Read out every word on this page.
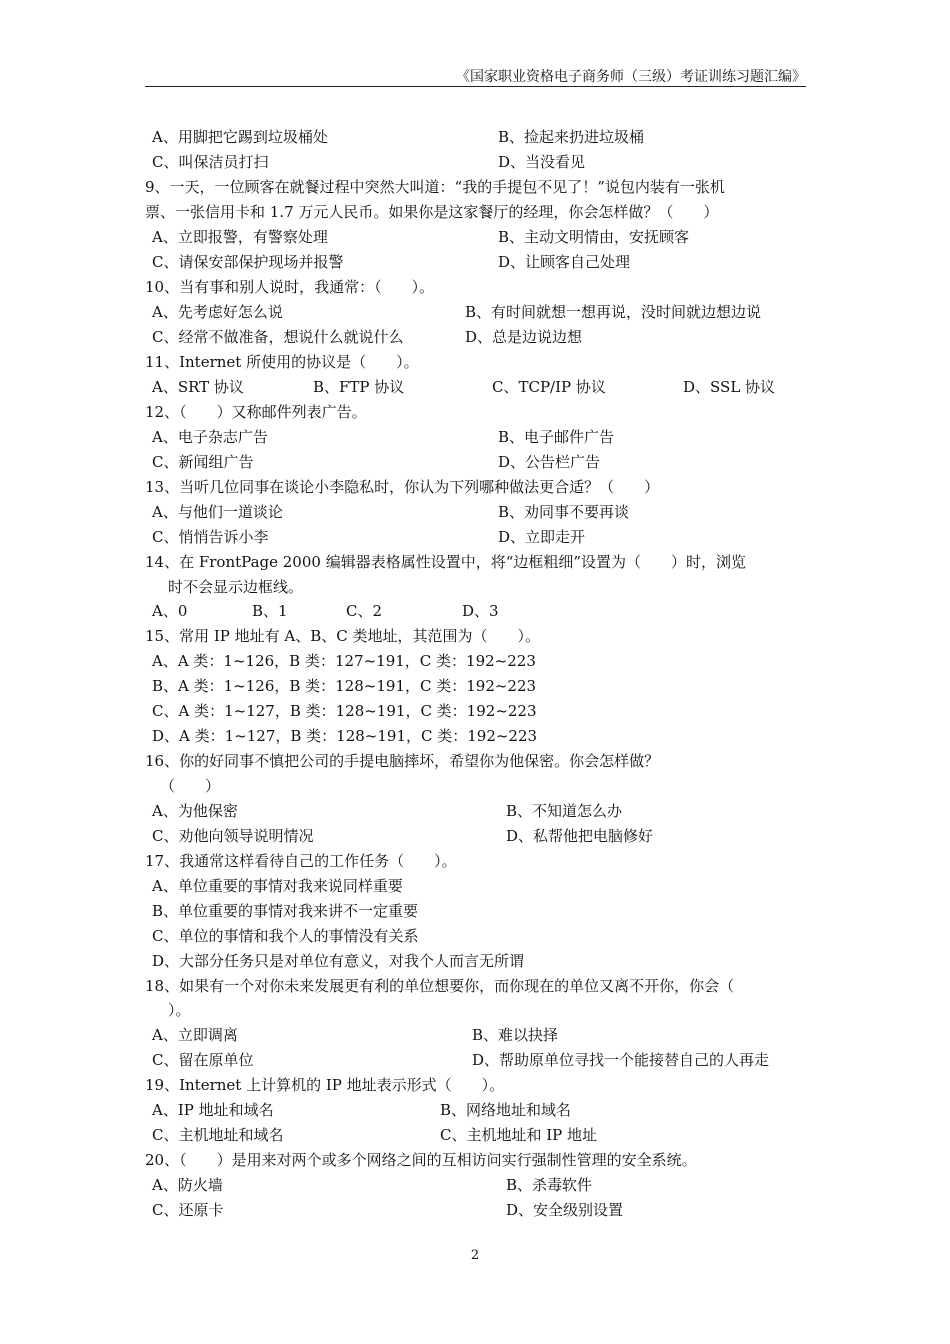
《国家职业资格电子商务师（三级）考证训练习题汇编》
A、用脚把它踢到垃圾桶处	B、捡起来扔进垃圾桶
C、叫保洁员打扫	D、当没看见
9、一天，一位顾客在就餐过程中突然大叫道：“我的手提包不见了！”说包内装有一张机
票、一张信用卡和 1.7 万元人民币。如果你是这家餐厅的经理，你会怎样做？（　　）
A、立即报警，有警察处理	B、主动文明情由，安抚顾客
C、请保安部保护现场并报警	D、让顾客自己处理
10、当有事和别人说时，我通常：（　　）。
A、先考虑好怎么说	B、有时间就想一想再说，没时间就边想边说
C、经常不做准备，想说什么就说什么	D、总是边说边想
11、Internet 所使用的协议是（　　）。
A、SRT 协议	B、FTP 协议	C、TCP/IP 协议	D、SSL 协议
12、（　　）又称邮件列表广告。
A、电子杂志广告	B、电子邮件广告
C、新闻组广告	D、公告栏广告
13、当听几位同事在谈论小李隐私时，你认为下列哪种做法更合适？（　　）
A、与他们一道谈论	B、劝同事不要再谈
C、悄悄告诉小李	D、立即走开
14、在 FrontPage 2000 编辑器表格属性设置中，将“边框粗细”设置为（　　）时，浏览
时不会显示边框线。
A、0	B、1	C、2	D、3
15、常用 IP 地址有 A、B、C 类地址，其范围为（　　）。
A、A 类：1~126，B 类：127~191，C 类：192~223
B、A 类：1~126，B 类：128~191，C 类：192~223
C、A 类：1~127，B 类：128~191，C 类：192~223
D、A 类：1~127，B 类：128~191，C 类：192~223
16、你的好同事不慎把公司的手提电脑摔坏，希望你为他保密。你会怎样做？
（　　）
A、为他保密	B、不知道怎么办
C、劝他向领导说明情况	D、私帮他把电脑修好
17、我通常这样看待自己的工作任务（　　）。
A、单位重要的事情对我来说同样重要
B、单位重要的事情对我来讲不一定重要
C、单位的事情和我个人的事情没有关系
D、大部分任务只是对单位有意义，对我个人而言无所谓
18、如果有一个对你未来发展更有利的单位想要你，而你现在的单位又离不开你，你会（
）。
A、立即调离	B、难以抉择
C、留在原单位	D、帮助原单位寻找一个能接替自己的人再走
19、Internet 上计算机的 IP 地址表示形式（　　）。
A、IP 地址和域名	B、网络地址和域名
C、主机地址和域名	C、主机地址和 IP 地址
20、（　　）是用来对两个或多个网络之间的互相访问实行强制性管理的安全系统。
A、防火墙	B、杀毒软件
C、还原卡	D、安全级别设置
2
